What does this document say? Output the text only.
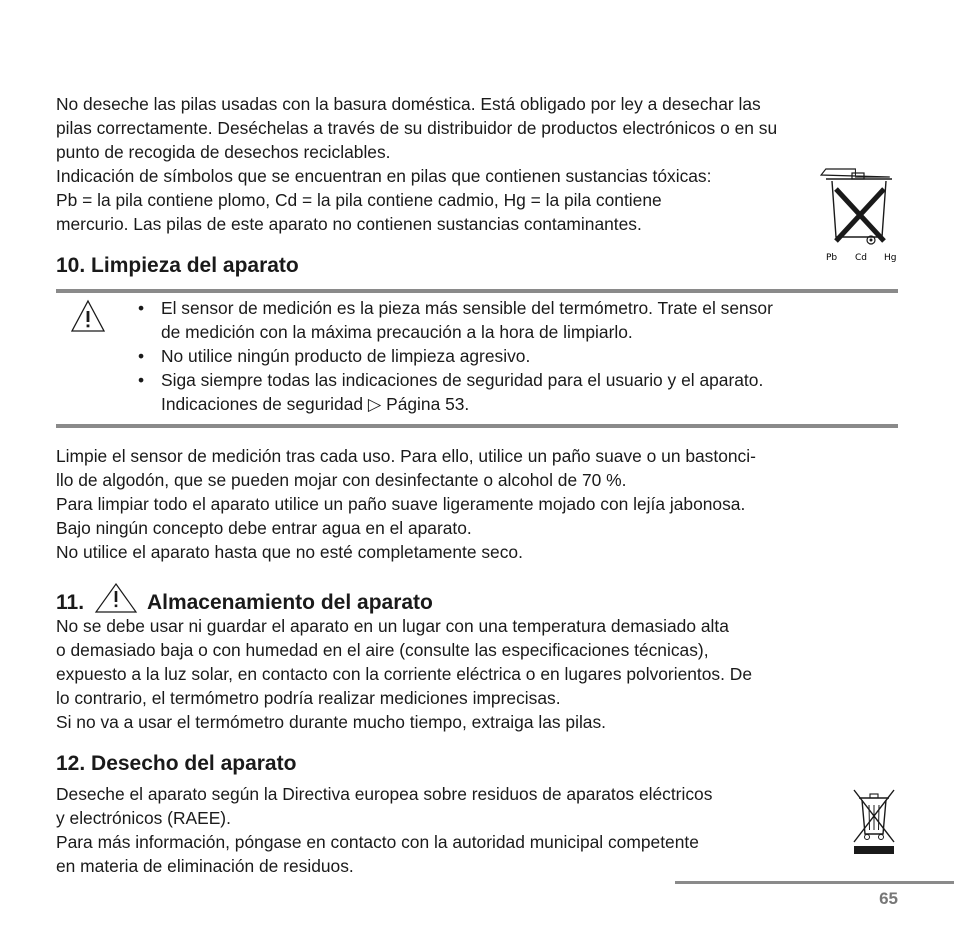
No deseche las pilas usadas con la basura doméstica. Está obligado por ley a desechar las
pilas correctamente. Deséchelas a través de su distribuidor de productos electrónicos o en su
punto de recogida de desechos reciclables.
Indicación de símbolos que se encuentran en pilas que contienen sustancias tóxicas:
Pb = la pila contiene plomo, Cd = la pila contiene cadmio, Hg = la pila contiene
mercurio. Las pilas de este aparato no contienen sustancias contaminantes.

Pb Cd Hg
10. Limpieza del aparato
• El sensor de medición es la pieza más sensible del termómetro. Trate el sensor
de medición con la máxima precaución a la hora de limpiarlo.
• No utilice ningún producto de limpieza agresivo.
• Siga siempre todas las indicaciones de seguridad para el usuario y el aparato.
Indicaciones de seguridad ▷ Página 53.

Limpie el sensor de medición tras cada uso. Para ello, utilice un paño suave o un bastonci-
llo de algodón, que se pueden mojar con desinfectante o alcohol de 70 %.
Para limpiar todo el aparato utilice un paño suave ligeramente mojado con lejía jabonosa.
Bajo ningún concepto debe entrar agua en el aparato.
No utilice el aparato hasta que no esté completamente seco.

11.	Almacenamiento del aparato

No se debe usar ni guardar el aparato en un lugar con una temperatura demasiado alta
o demasiado baja o con humedad en el aire (consulte las especificaciones técnicas),
expuesto a la luz solar, en contacto con la corriente eléctrica o en lugares polvorientos. De
lo contrario, el termómetro podría realizar mediciones imprecisas.
Si no va a usar el termómetro durante mucho tiempo, extraiga las pilas.

12. Desecho del aparato

Deseche el aparato según la Directiva europea sobre residuos de aparatos eléctricos
y electrónicos (RAEE).
Para más información, póngase en contacto con la autoridad municipal competente
en materia de eliminación de residuos.

65
